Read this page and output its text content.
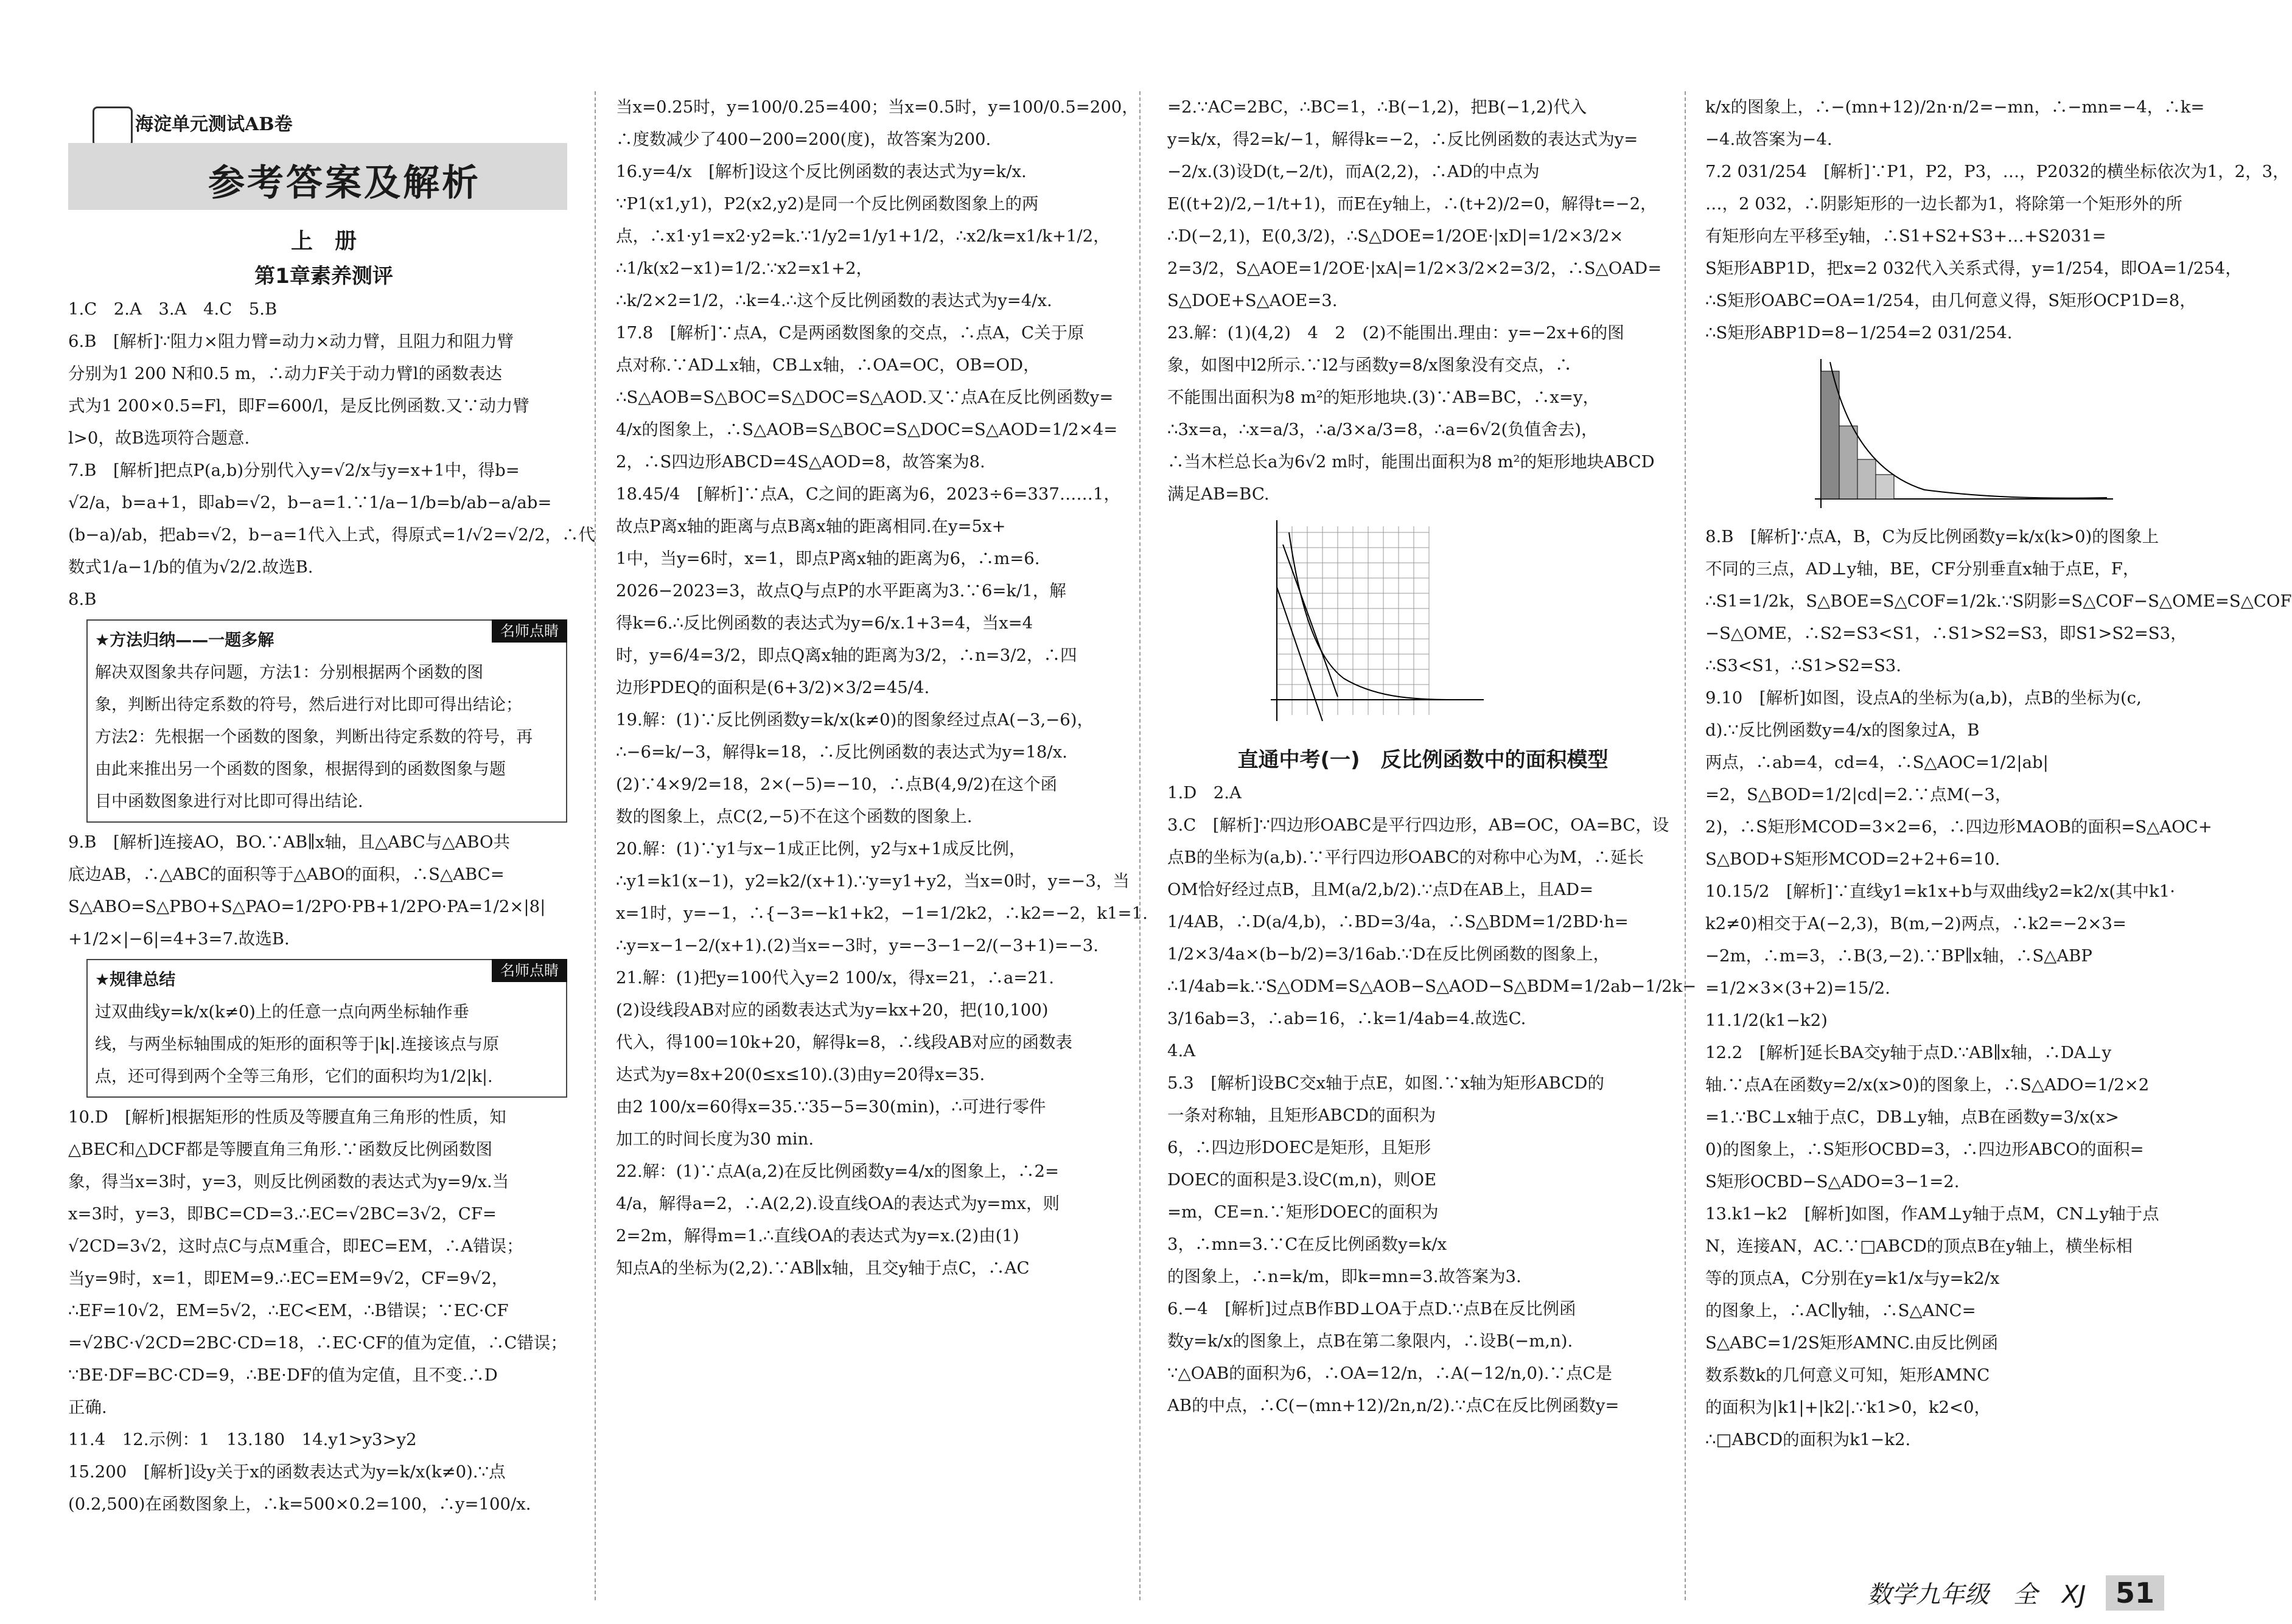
海淀单元测试AB卷
参考答案及解析

上　册

第1章素养测评

1.C　2.A　3.A　4.C　5.B

6.B　[解析]∵阻力×阻力臂=动力×动力臂，且阻力和阻力臂

分别为1 200 N和0.5 m，∴动力F关于动力臂l的函数表达

式为1 200×0.5=Fl，即F=600/l，是反比例函数.又∵动力臂

l>0，故B选项符合题意.

7.B　[解析]把点P(a,b)分别代入y=√2/x与y=x+1中，得b=

√2/a，b=a+1，即ab=√2，b−a=1.∵1/a−1/b=b/ab−a/ab=

(b−a)/ab，把ab=√2，b−a=1代入上式，得原式=1/√2=√2/2，∴代

数式1/a−1/b的值为√2/2.故选B.

8.B

名师点睛

★方法归纳——一题多解

解决双图象共存问题，方法1：分别根据两个函数的图

象，判断出待定系数的符号，然后进行对比即可得出结论；

方法2：先根据一个函数的图象，判断出待定系数的符号，再

由此来推出另一个函数的图象，根据得到的函数图象与题

目中函数图象进行对比即可得出结论.

9.B　[解析]连接AO，BO.∵AB∥x轴，且△ABC与△ABO共

底边AB，∴△ABC的面积等于△ABO的面积，∴S△ABC=

S△ABO=S△PBO+S△PAO=1/2PO·PB+1/2PO·PA=1/2×|8|

+1/2×|−6|=4+3=7.故选B.

名师点睛

★规律总结

过双曲线y=k/x(k≠0)上的任意一点向两坐标轴作垂

线，与两坐标轴围成的矩形的面积等于|k|.连接该点与原

点，还可得到两个全等三角形，它们的面积均为1/2|k|.

10.D　[解析]根据矩形的性质及等腰直角三角形的性质，知

△BEC和△DCF都是等腰直角三角形.∵函数反比例函数图

象，得当x=3时，y=3，则反比例函数的表达式为y=9/x.当

x=3时，y=3，即BC=CD=3.∴EC=√2BC=3√2，CF=

√2CD=3√2，这时点C与点M重合，即EC=EM，∴A错误；

当y=9时，x=1，即EM=9.∴EC=EM=9√2，CF=9√2，

∴EF=10√2，EM=5√2，∴EC<EM，∴B错误；∵EC·CF

=√2BC·√2CD=2BC·CD=18，∴EC·CF的值为定值，∴C错误；

∵BE·DF=BC·CD=9，∴BE·DF的值为定值，且不变.∴D

正确.

11.4　12.示例：1　13.180　14.y1>y3>y2

15.200　[解析]设y关于x的函数表达式为y=k/x(k≠0).∵点

(0.2,500)在函数图象上，∴k=500×0.2=100，∴y=100/x.

当x=0.25时，y=100/0.25=400；当x=0.5时，y=100/0.5=200，

∴度数减少了400−200=200(度)，故答案为200.

16.y=4/x　[解析]设这个反比例函数的表达式为y=k/x.

∵P1(x1,y1)，P2(x2,y2)是同一个反比例函数图象上的两

点，∴x1·y1=x2·y2=k.∵1/y2=1/y1+1/2，∴x2/k=x1/k+1/2，

∴1/k(x2−x1)=1/2.∵x2=x1+2，

∴k/2×2=1/2，∴k=4.∴这个反比例函数的表达式为y=4/x.

17.8　[解析]∵点A，C是两函数图象的交点，∴点A，C关于原

点对称.∵AD⊥x轴，CB⊥x轴，∴OA=OC，OB=OD，

∴S△AOB=S△BOC=S△DOC=S△AOD.又∵点A在反比例函数y=

4/x的图象上，∴S△AOB=S△BOC=S△DOC=S△AOD=1/2×4=

2，∴S四边形ABCD=4S△AOD=8，故答案为8.

18.45/4　[解析]∵点A，C之间的距离为6，2023÷6=337……1，

故点P离x轴的距离与点B离x轴的距离相同.在y=5x+

1中，当y=6时，x=1，即点P离x轴的距离为6，∴m=6.

2026−2023=3，故点Q与点P的水平距离为3.∵6=k/1，解

得k=6.∴反比例函数的表达式为y=6/x.1+3=4，当x=4

时，y=6/4=3/2，即点Q离x轴的距离为3/2，∴n=3/2，∴四

边形PDEQ的面积是(6+3/2)×3/2=45/4.

19.解：(1)∵反比例函数y=k/x(k≠0)的图象经过点A(−3,−6)，

∴−6=k/−3，解得k=18，∴反比例函数的表达式为y=18/x.

(2)∵4×9/2=18，2×(−5)=−10，∴点B(4,9/2)在这个函

数的图象上，点C(2,−5)不在这个函数的图象上.

20.解：(1)∵y1与x−1成正比例，y2与x+1成反比例，

∴y1=k1(x−1)，y2=k2/(x+1).∵y=y1+y2，当x=0时，y=−3，当

x=1时，y=−1，∴{−3=−k1+k2，−1=1/2k2，∴k2=−2，k1=1.

∴y=x−1−2/(x+1).(2)当x=−3时，y=−3−1−2/(−3+1)=−3.

21.解：(1)把y=100代入y=2 100/x，得x=21，∴a=21.

(2)设线段AB对应的函数表达式为y=kx+20，把(10,100)

代入，得100=10k+20，解得k=8，∴线段AB对应的函数表

达式为y=8x+20(0≤x≤10).(3)由y=20得x=35.

由2 100/x=60得x=35.∵35−5=30(min)，∴可进行零件

加工的时间长度为30 min.

22.解：(1)∵点A(a,2)在反比例函数y=4/x的图象上，∴2=

4/a，解得a=2，∴A(2,2).设直线OA的表达式为y=mx，则

2=2m，解得m=1.∴直线OA的表达式为y=x.(2)由(1)

知点A的坐标为(2,2).∵AB∥x轴，且交y轴于点C，∴AC

=2.∵AC=2BC，∴BC=1，∴B(−1,2)，把B(−1,2)代入

y=k/x，得2=k/−1，解得k=−2，∴反比例函数的表达式为y=

−2/x.(3)设D(t,−2/t)，而A(2,2)，∴AD的中点为

E((t+2)/2,−1/t+1)，而E在y轴上，∴(t+2)/2=0，解得t=−2，

∴D(−2,1)，E(0,3/2)，∴S△DOE=1/2OE·|xD|=1/2×3/2×

2=3/2，S△AOE=1/2OE·|xA|=1/2×3/2×2=3/2，∴S△OAD=

S△DOE+S△AOE=3.

23.解：(1)(4,2)　4　2　(2)不能围出.理由：y=−2x+6的图

象，如图中l2所示.∵l2与函数y=8/x图象没有交点，∴

不能围出面积为8 m²的矩形地块.(3)∵AB=BC，∴x=y，

∴3x=a，∴x=a/3，∴a/3×a/3=8，∴a=6√2(负值舍去)，

∴当木栏总长a为6√2 m时，能围出面积为8 m²的矩形地块ABCD

满足AB=BC.

直通中考(一)　反比例函数中的面积模型

1.D　2.A

3.C　[解析]∵四边形OABC是平行四边形，AB=OC，OA=BC，设

点B的坐标为(a,b).∵平行四边形OABC的对称中心为M，∴延长

OM恰好经过点B，且M(a/2,b/2).∵点D在AB上，且AD=

1/4AB，∴D(a/4,b)，∴BD=3/4a，∴S△BDM=1/2BD·h=

1/2×3/4a×(b−b/2)=3/16ab.∵D在反比例函数的图象上，

∴1/4ab=k.∵S△ODM=S△AOB−S△AOD−S△BDM=1/2ab−1/2k−

3/16ab=3，∴ab=16，∴k=1/4ab=4.故选C.

4.A

5.3　[解析]设BC交x轴于点E，如图.∵x轴为矩形ABCD的

一条对称轴，且矩形ABCD的面积为

6，∴四边形DOEC是矩形，且矩形

DOEC的面积是3.设C(m,n)，则OE

=m，CE=n.∵矩形DOEC的面积为

3，∴mn=3.∵C在反比例函数y=k/x

的图象上，∴n=k/m，即k=mn=3.故答案为3.

6.−4　[解析]过点B作BD⊥OA于点D.∵点B在反比例函

数y=k/x的图象上，点B在第二象限内，∴设B(−m,n).

∵△OAB的面积为6，∴OA=12/n，∴A(−12/n,0).∵点C是

AB的中点，∴C(−(mn+12)/2n,n/2).∵点C在反比例函数y=

k/x的图象上，∴−(mn+12)/2n·n/2=−mn，∴−mn=−4，∴k=

−4.故答案为−4.

7.2 031/254　[解析]∵P1，P2，P3，…，P2032的横坐标依次为1，2，3，

…，2 032，∴阴影矩形的一边长都为1，将除第一个矩形外的所

有矩形向左平移至y轴，∴S1+S2+S3+…+S2031=

S矩形ABP1D，把x=2 032代入关系式得，y=1/254，即OA=1/254，

∴S矩形OABC=OA=1/254，由几何意义得，S矩形OCP1D=8，

∴S矩形ABP1D=8−1/254=2 031/254.

8.B　[解析]∵点A，B，C为反比例函数y=k/x(k>0)的图象上

不同的三点，AD⊥y轴，BE，CF分别垂直x轴于点E，F，

∴S1=1/2k，S△BOE=S△COF=1/2k.∵S阴影=S△COF−S△OME=S△COF

−S△OME，∴S2=S3<S1，∴S1>S2=S3，即S1>S2=S3，

∴S3<S1，∴S1>S2=S3.

9.10　[解析]如图，设点A的坐标为(a,b)，点B的坐标为(c,

d).∵反比例函数y=4/x的图象过A，B

两点，∴ab=4，cd=4，∴S△AOC=1/2|ab|

=2，S△BOD=1/2|cd|=2.∵点M(−3，

2)，∴S矩形MCOD=3×2=6，∴四边形MAOB的面积=S△AOC+

S△BOD+S矩形MCOD=2+2+6=10.

10.15/2　[解析]∵直线y1=k1x+b与双曲线y2=k2/x(其中k1·

k2≠0)相交于A(−2,3)，B(m,−2)两点，∴k2=−2×3=

−2m，∴m=3，∴B(3,−2).∵BP∥x轴，∴S△ABP

=1/2×3×(3+2)=15/2.

11.1/2(k1−k2)

12.2　[解析]延长BA交y轴于点D.∵AB∥x轴，∴DA⊥y

轴.∵点A在函数y=2/x(x>0)的图象上，∴S△ADO=1/2×2

=1.∵BC⊥x轴于点C，DB⊥y轴，点B在函数y=3/x(x>

0)的图象上，∴S矩形OCBD=3，∴四边形ABCO的面积=

S矩形OCBD−S△ADO=3−1=2.

13.k1−k2　[解析]如图，作AM⊥y轴于点M，CN⊥y轴于点

N，连接AN，AC.∵□ABCD的顶点B在y轴上，横坐标相

等的顶点A，C分别在y=k1/x与y=k2/x

的图象上，∴AC∥y轴，∴S△ANC=

S△ABC=1/2S矩形AMNC.由反比例函

数系数k的几何意义可知，矩形AMNC

的面积为|k1|+|k2|.∵k1>0，k2<0，

∴□ABCD的面积为k1−k2.

数学九年级　全　XJ 51
